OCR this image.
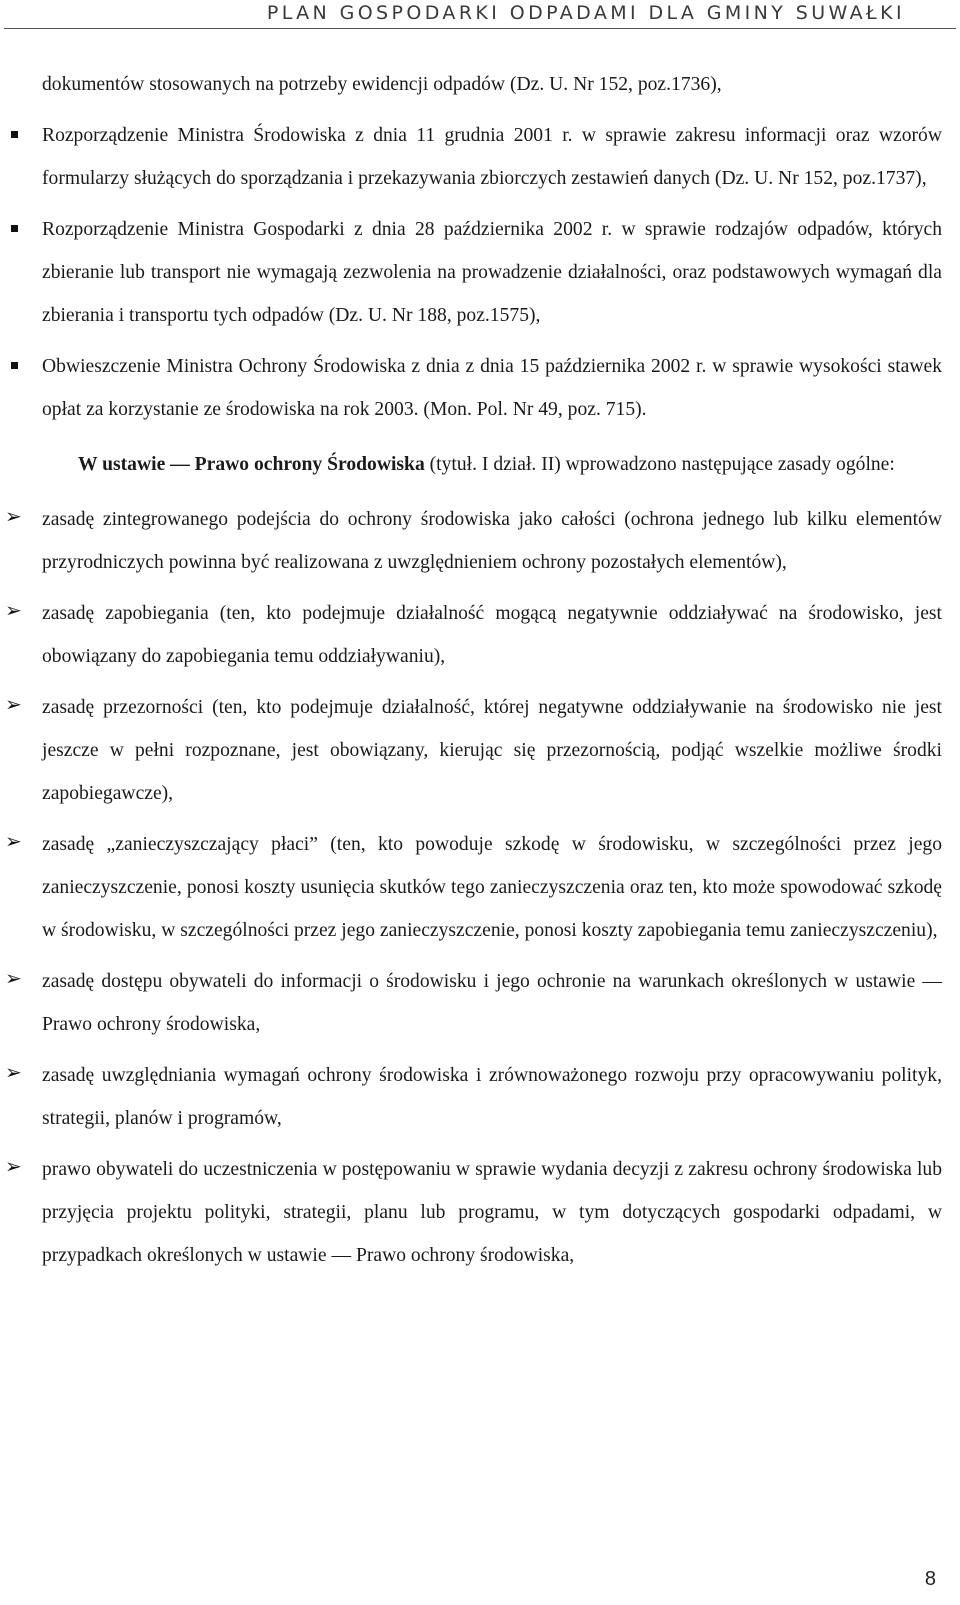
PLAN GOSPODARKI ODPADAMI DLA GMINY SUWAŁKI

dokumentów stosowanych na potrzeby ewidencji odpadów (Dz. U. Nr 152, poz.1736),

Rozporządzenie Ministra Środowiska z dnia 11 grudnia 2001 r. w sprawie zakresu informacji oraz wzorów formularzy służących do sporządzania i przekazywania zbiorczych zestawień danych (Dz. U. Nr 152, poz.1737),

Rozporządzenie Ministra Gospodarki z dnia 28 października 2002 r. w sprawie rodzajów odpadów, których zbieranie lub transport nie wymagają zezwolenia na prowadzenie działalności, oraz podstawowych wymagań dla zbierania i transportu tych odpadów (Dz. U. Nr 188, poz.1575),

Obwieszczenie Ministra Ochrony Środowiska z dnia z dnia 15 października 2002 r. w sprawie wysokości stawek opłat za korzystanie ze środowiska na rok 2003. (Mon. Pol. Nr 49, poz. 715).

W ustawie — Prawo ochrony Środowiska (tytuł. I dział. II) wprowadzono następujące zasady ogólne:

➢ zasadę zintegrowanego podejścia do ochrony środowiska jako całości (ochrona jednego lub kilku elementów przyrodniczych powinna być realizowana z uwzględnieniem ochrony pozostałych elementów),

➢ zasadę zapobiegania (ten, kto podejmuje działalność mogącą negatywnie oddziaływać na środowisko, jest obowiązany do zapobiegania temu oddziaływaniu),

➢ zasadę przezorności (ten, kto podejmuje działalność, której negatywne oddziaływanie na środowisko nie jest jeszcze w pełni rozpoznane, jest obowiązany, kierując się przezornością, podjąć wszelkie możliwe środki zapobiegawcze),

➢ zasadę „zanieczyszczający płaci” (ten, kto powoduje szkodę w środowisku, w szczególności przez jego zanieczyszczenie, ponosi koszty usunięcia skutków tego zanieczyszczenia oraz ten, kto może spowodować szkodę w środowisku, w szczególności przez jego zanieczyszczenie, ponosi koszty zapobiegania temu zanieczyszczeniu),

➢ zasadę dostępu obywateli do informacji o środowisku i jego ochronie na warunkach określonych w ustawie — Prawo ochrony środowiska,

➢ zasadę uwzględniania wymagań ochrony środowiska i zrównoważonego rozwoju przy opracowywaniu polityk, strategii, planów i programów,

➢ prawo obywateli do uczestniczenia w postępowaniu w sprawie wydania decyzji z zakresu ochrony środowiska lub przyjęcia projektu polityki, strategii, planu lub programu, w tym dotyczących gospodarki odpadami, w przypadkach określonych w ustawie — Prawo ochrony środowiska,

8
